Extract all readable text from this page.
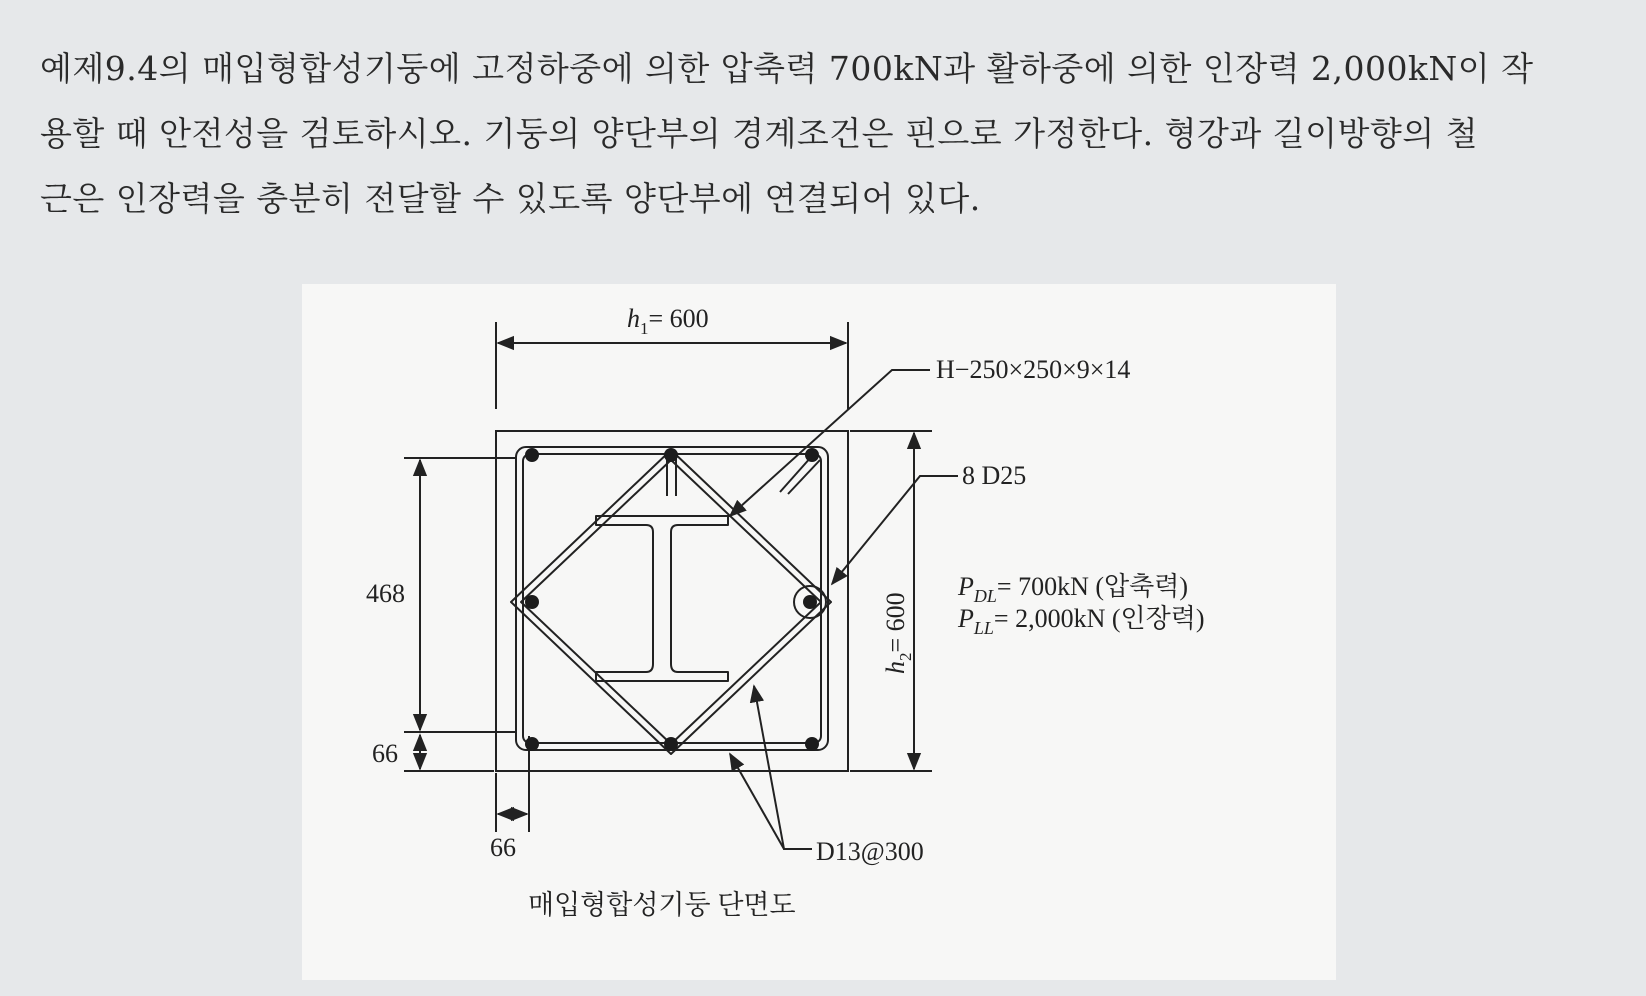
예제9.4의 매입형합성기둥에 고정하중에 의한 압축력 700kN과 활하중에 의한 인장력 2,000kN이 작

용할 때 안전성을 검토하시오. 기둥의 양단부의 경계조건은 핀으로 가정한다. 형강과 길이방향의 철

근은 인장력을 충분히 전달할 수 있도록 양단부에 연결되어 있다.

$h_1= 600$
H−250×250×9×14
8 D25
$h_2= 600$
$P_{DL}= 700kN$ (압축력)
$P_{LL}= 2,000kN$ (인장력)
468
66
66	D13@300
매입형합성기둥 단면도
